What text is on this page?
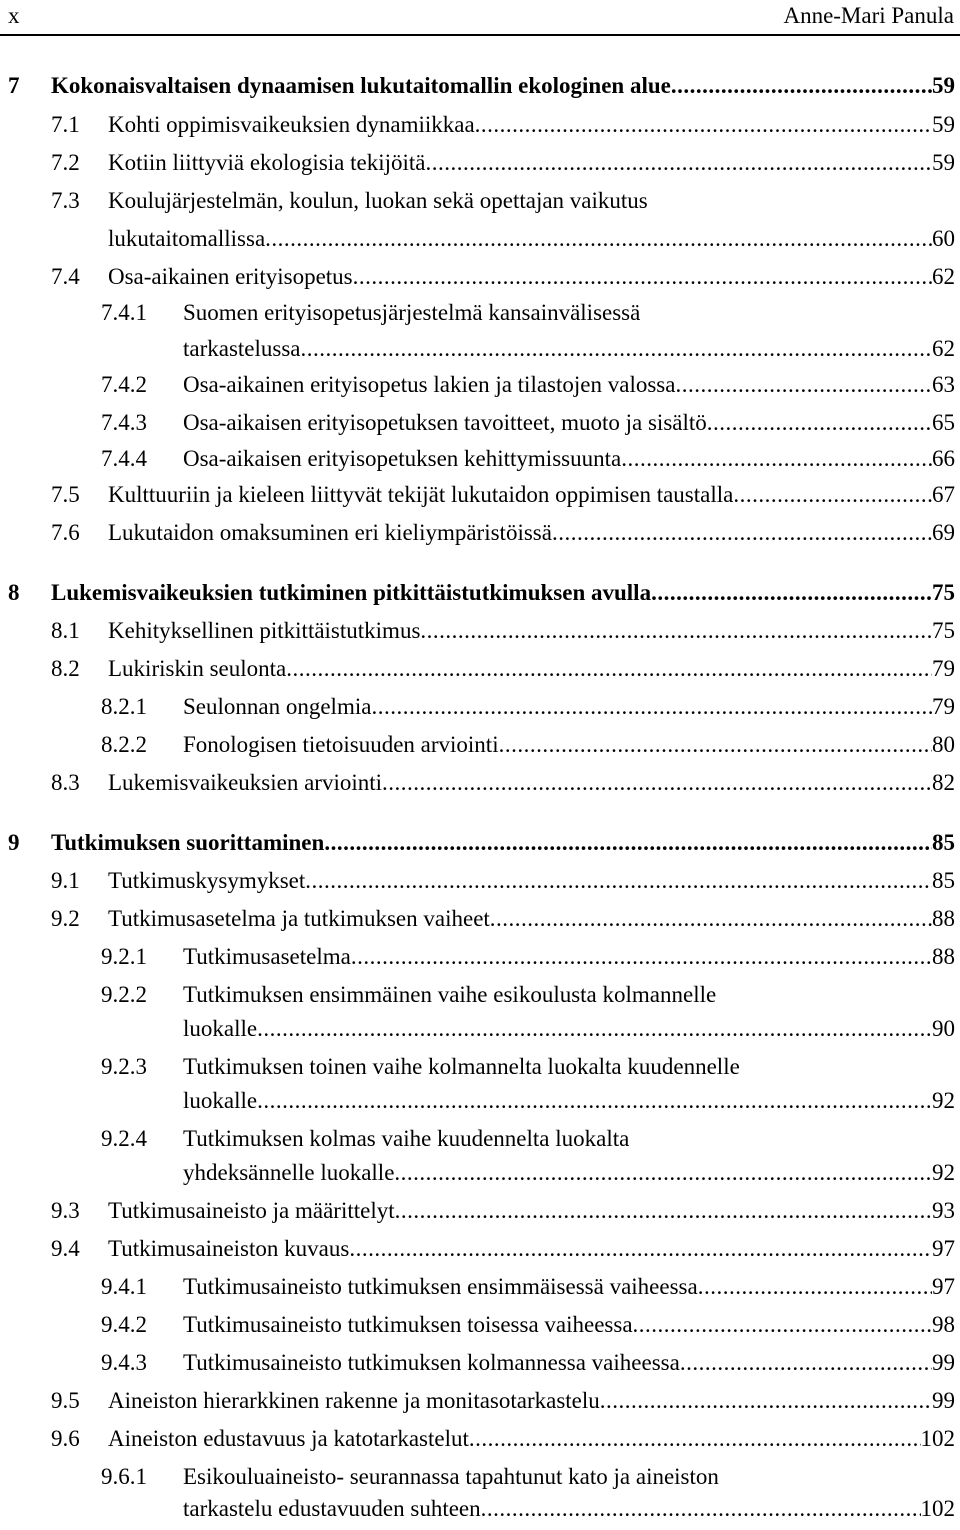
x	Anne-Mari Panula
7 Kokonaisvaltaisen dynaamisen lukutaitomallin ekologinen alue .....	59
7.1 Kohti oppimisvaikeuksien dynamiikkaa .....	59
7.2 Kotiin liittyviä ekologisia tekijöitä .....	59
7.3 Koulujärjestelmän, koulun, luokan sekä opettajan vaikutus
lukutaitomallissa .....	60
7.4 Osa-aikainen erityisopetus .....	62
7.4.1 Suomen erityisopetusjärjestelmä kansainvälisessä
tarkastelussa .....	62
7.4.2 Osa-aikainen erityisopetus lakien ja tilastojen valossa .....	63
7.4.3 Osa-aikaisen erityisopetuksen tavoitteet, muoto ja sisältö .....	65
7.4.4 Osa-aikaisen erityisopetuksen kehittymissuunta .....	66
7.5 Kulttuuriin ja kieleen liittyvät tekijät lukutaidon oppimisen taustalla .....	67
7.6 Lukutaidon omaksuminen eri kieliympäristöissä .....	69
8 Lukemisvaikeuksien tutkiminen pitkittäistutkimuksen avulla .....	75
8.1 Kehityksellinen pitkittäistutkimus .....	75
8.2 Lukiriskin seulonta .....	79
8.2.1 Seulonnan ongelmia .....	79
8.2.2 Fonologisen tietoisuuden arviointi .....	80
8.3 Lukemisvaikeuksien arviointi .....	82
9 Tutkimuksen suorittaminen .....	85
9.1 Tutkimuskysymykset .....	85
9.2 Tutkimusasetelma ja tutkimuksen vaiheet .....	88
9.2.1 Tutkimusasetelma .....	88
9.2.2 Tutkimuksen ensimmäinen vaihe esikoulusta kolmannelle
luokalle .....	90
9.2.3 Tutkimuksen toinen vaihe kolmannelta luokalta kuudennelle
luokalle .....	92
9.2.4 Tutkimuksen kolmas vaihe kuudennelta luokalta
yhdeksännelle luokalle .....	92
9.3 Tutkimusaineisto ja määrittelyt .....	93
9.4 Tutkimusaineiston kuvaus .....	97
9.4.1 Tutkimusaineisto tutkimuksen ensimmäisessä vaiheessa .....	97
9.4.2 Tutkimusaineisto tutkimuksen toisessa vaiheessa .....	98
9.4.3 Tutkimusaineisto tutkimuksen kolmannessa vaiheessa .....	99
9.5 Aineiston hierarkkinen rakenne ja monitasotarkastelu .....	99
9.6 Aineiston edustavuus ja katotarkastelut .....	102
9.6.1 Esikouluaineisto- seurannassa tapahtunut kato ja aineiston
tarkastelu edustavuuden suhteen .....	102
